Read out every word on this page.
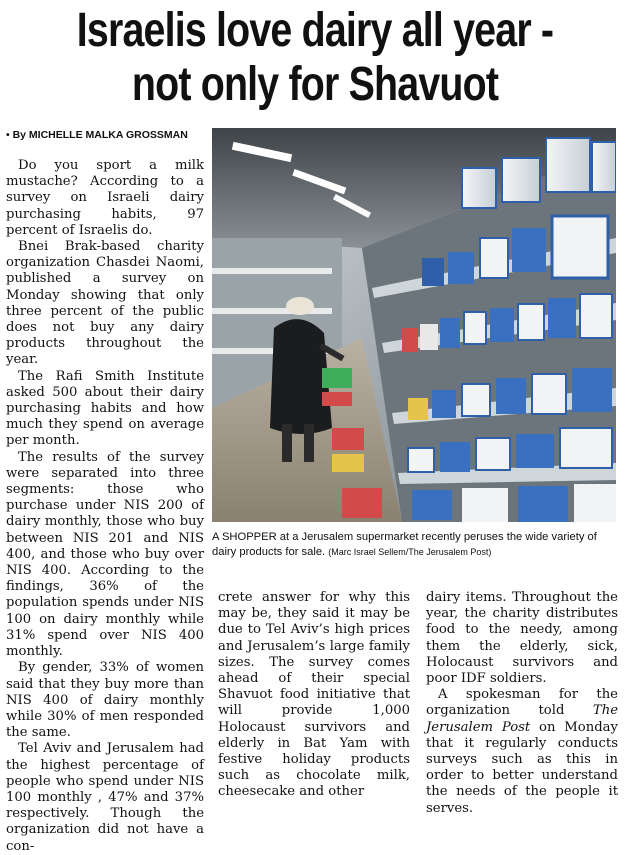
Israelis love dairy all year -
not only for Shavuot
• By MICHELLE MALKA GROSSMAN

Do you sport a milk mustache? According to a survey on Israeli dairy purchasing habits, 97 percent of Israelis do.

Bnei Brak-based charity organization Chasdei Naomi, published a survey on Monday showing that only three percent of the public does not buy any dairy products throughout the year.

The Rafi Smith Institute asked 500 about their dairy purchasing habits and how much they spend on average per month.

The results of the survey were separated into three segments: those who purchase under NIS 200 of dairy monthly, those who buy between NIS 201 and NIS 400, and those who buy over NIS 400. According to the findings, 36% of the population spends under NIS 100 on dairy monthly while 31% spend over NIS 400 monthly.

By gender, 33% of women said that they buy more than NIS 400 of dairy monthly while 30% of men responded the same.

Tel Aviv and Jerusalem had the highest percentage of people who spend under NIS 100 monthly , 47% and 37% respectively. Though the organization did not have a con-

A SHOPPER at a Jerusalem supermarket recently peruses the wide variety of dairy products for sale. (Marc Israel Sellem/The Jerusalem Post)

crete answer for why this may be, they said it may be due to Tel Aviv’s high prices and Jerusalem’s large family sizes. The survey comes ahead of their special Shavuot food initiative that will provide 1,000 Holocaust survivors and elderly in Bat Yam with festive holiday products such as chocolate milk, cheesecake and other

dairy items. Throughout the year, the charity distributes food to the needy, among them the elderly, sick, Holocaust survivors and poor IDF soldiers.

A spokesman for the organization told The Jerusalem Post on Monday that it regularly conducts surveys such as this in order to better understand the needs of the people it serves.
